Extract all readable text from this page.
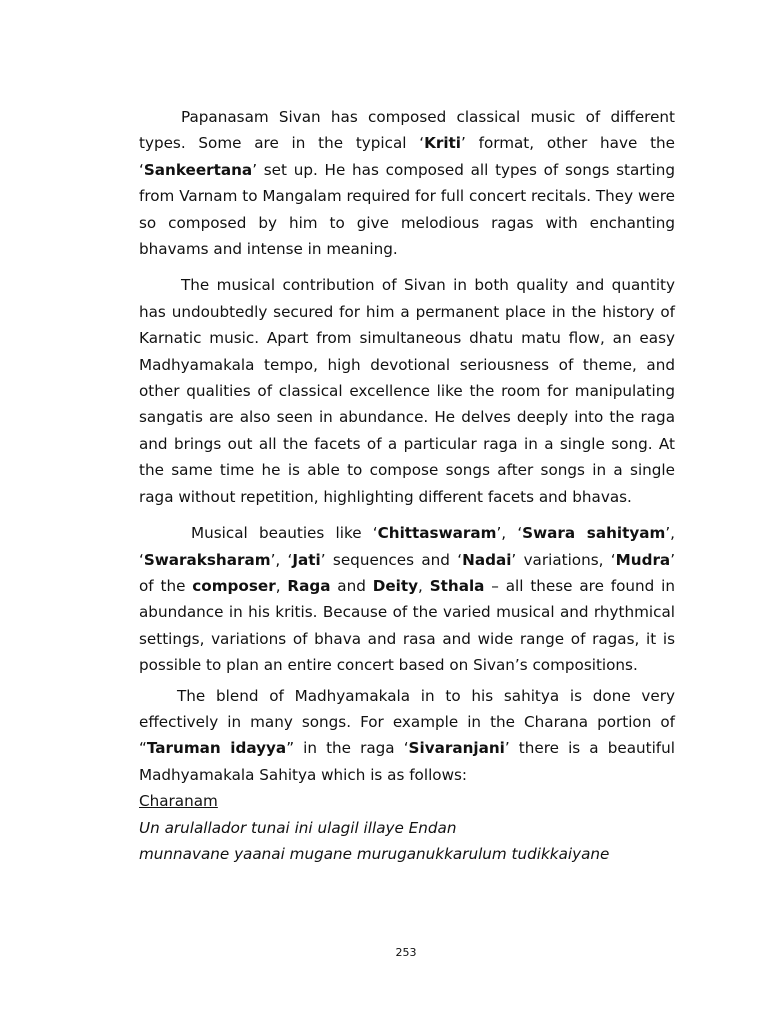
Papanasam Sivan has composed classical music of different types. Some are in the typical ‘Kriti’ format, other have the ‘Sankeertana’ set up. He has composed all types of songs starting from Varnam to Mangalam required for full concert recitals. They were so composed by him to give melodious ragas with enchanting bhavams and intense in meaning.

The musical contribution of Sivan in both quality and quantity has undoubtedly secured for him a permanent place in the history of Karnatic music. Apart from simultaneous dhatu matu flow, an easy Madhyamakala tempo, high devotional seriousness of theme, and other qualities of classical excellence like the room for manipulating sangatis are also seen in abundance. He delves deeply into the raga and brings out all the facets of a particular raga in a single song. At the same time he is able to compose songs after songs in a single raga without repetition, highlighting different facets and bhavas.

Musical beauties like ‘Chittaswaram’, ‘Swara sahityam’, ‘Swaraksharam’, ‘Jati’ sequences and ‘Nadai’ variations, ‘Mudra’ of the composer, Raga and Deity, Sthala – all these are found in abundance in his kritis. Because of the varied musical and rhythmical settings, variations of bhava and rasa and wide range of ragas, it is possible to plan an entire concert based on Sivan’s compositions.

The blend of Madhyamakala in to his sahitya is done very effectively in many songs. For example in the Charana portion of “Taruman idayya” in the raga ‘Sivaranjani’ there is a beautiful Madhyamakala Sahitya which is as follows:

Charanam

Un arulallador tunai ini ulagil illaye Endan

munnavane yaanai mugane muruganukkarulum tudikkaiyane

253
